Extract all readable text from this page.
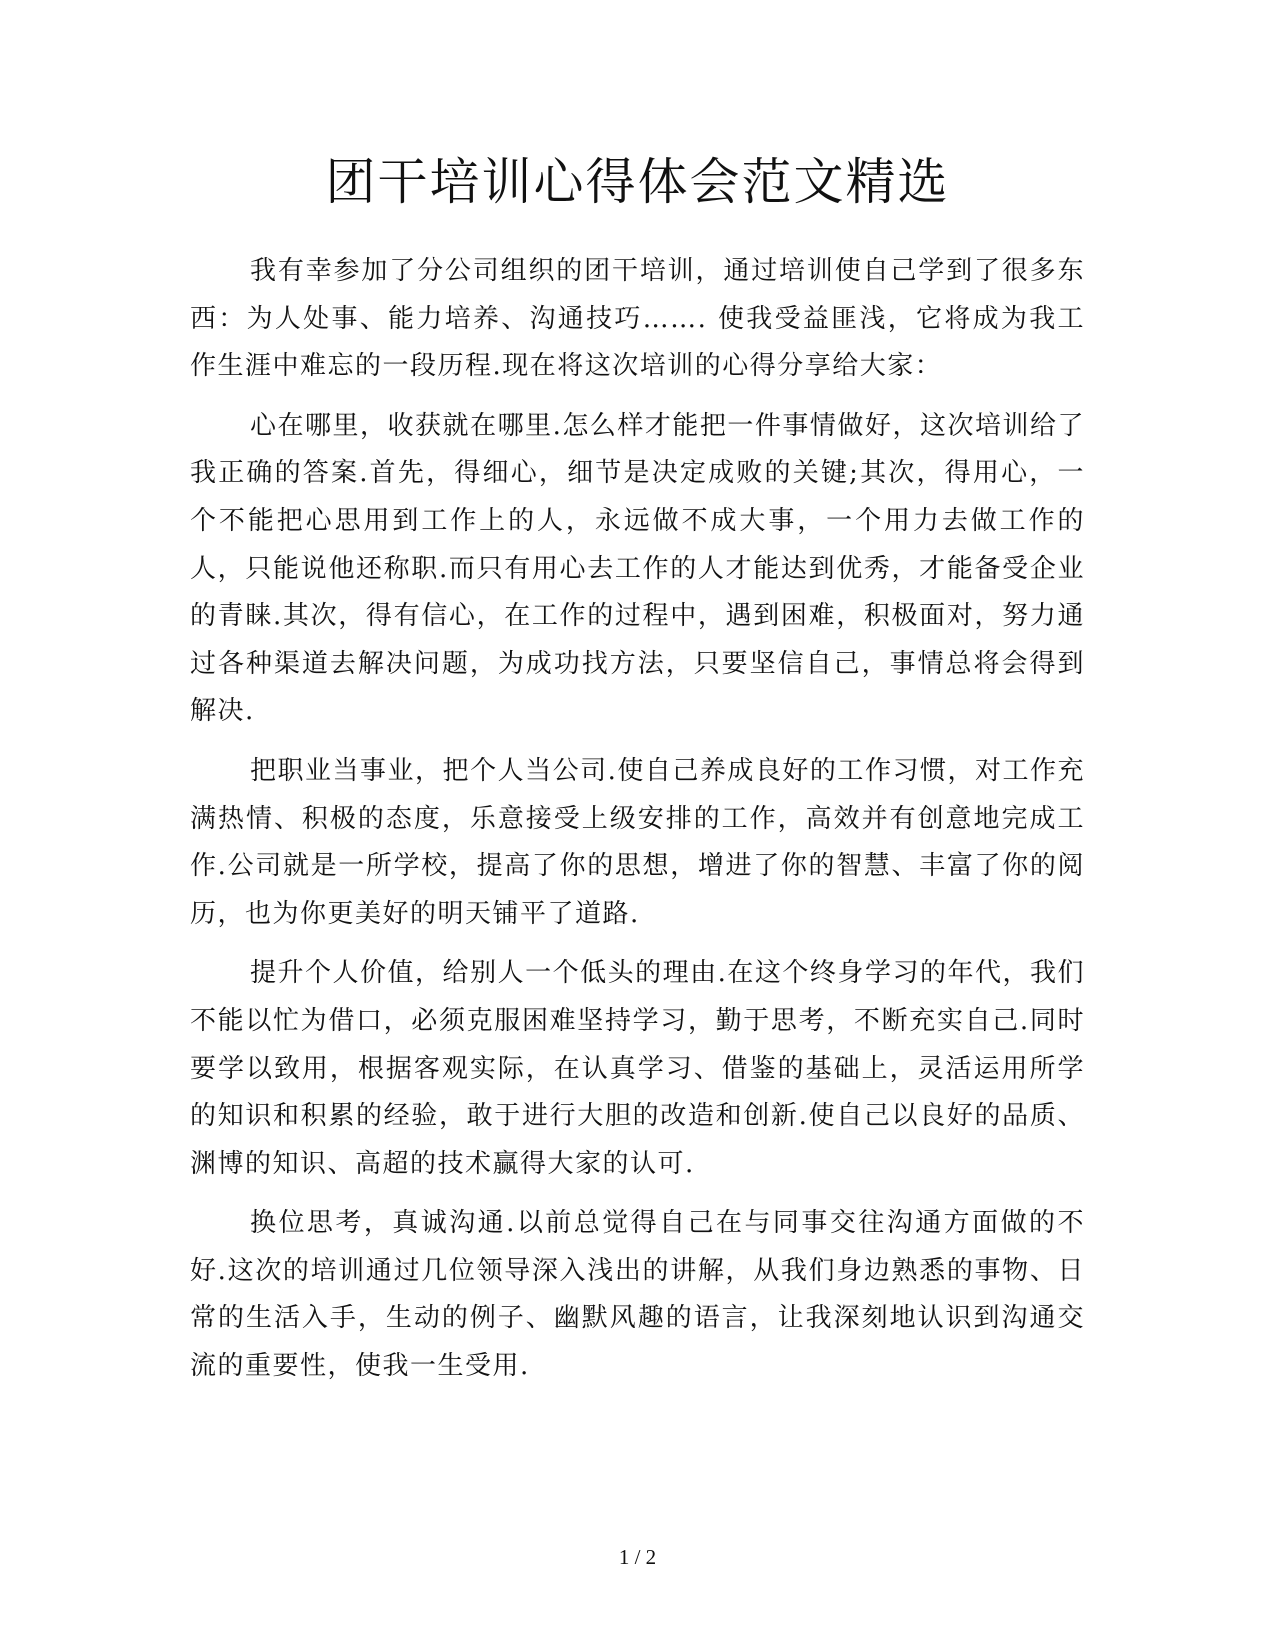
团干培训心得体会范文精选

我有幸参加了分公司组织的团干培训，通过培训使自己学到了很多东西：为人处事、能力培养、沟通技巧……. 使我受益匪浅，它将成为我工作生涯中难忘的一段历程.现在将这次培训的心得分享给大家：

心在哪里，收获就在哪里.怎么样才能把一件事情做好，这次培训给了我正确的答案.首先，得细心，细节是决定成败的关键;其次，得用心，一个不能把心思用到工作上的人，永远做不成大事，一个用力去做工作的人，只能说他还称职.而只有用心去工作的人才能达到优秀，才能备受企业的青睐.其次，得有信心，在工作的过程中，遇到困难，积极面对，努力通过各种渠道去解决问题，为成功找方法，只要坚信自己，事情总将会得到解决.

把职业当事业，把个人当公司.使自己养成良好的工作习惯，对工作充满热情、积极的态度，乐意接受上级安排的工作，高效并有创意地完成工作.公司就是一所学校，提高了你的思想，增进了你的智慧、丰富了你的阅历，也为你更美好的明天铺平了道路.

提升个人价值，给别人一个低头的理由.在这个终身学习的年代，我们不能以忙为借口，必须克服困难坚持学习，勤于思考，不断充实自己.同时要学以致用，根据客观实际，在认真学习、借鉴的基础上，灵活运用所学的知识和积累的经验，敢于进行大胆的改造和创新.使自己以良好的品质、渊博的知识、高超的技术赢得大家的认可.

换位思考，真诚沟通.以前总觉得自己在与同事交往沟通方面做的不好.这次的培训通过几位领导深入浅出的讲解，从我们身边熟悉的事物、日常的生活入手，生动的例子、幽默风趣的语言，让我深刻地认识到沟通交流的重要性，使我一生受用.

1 / 2
